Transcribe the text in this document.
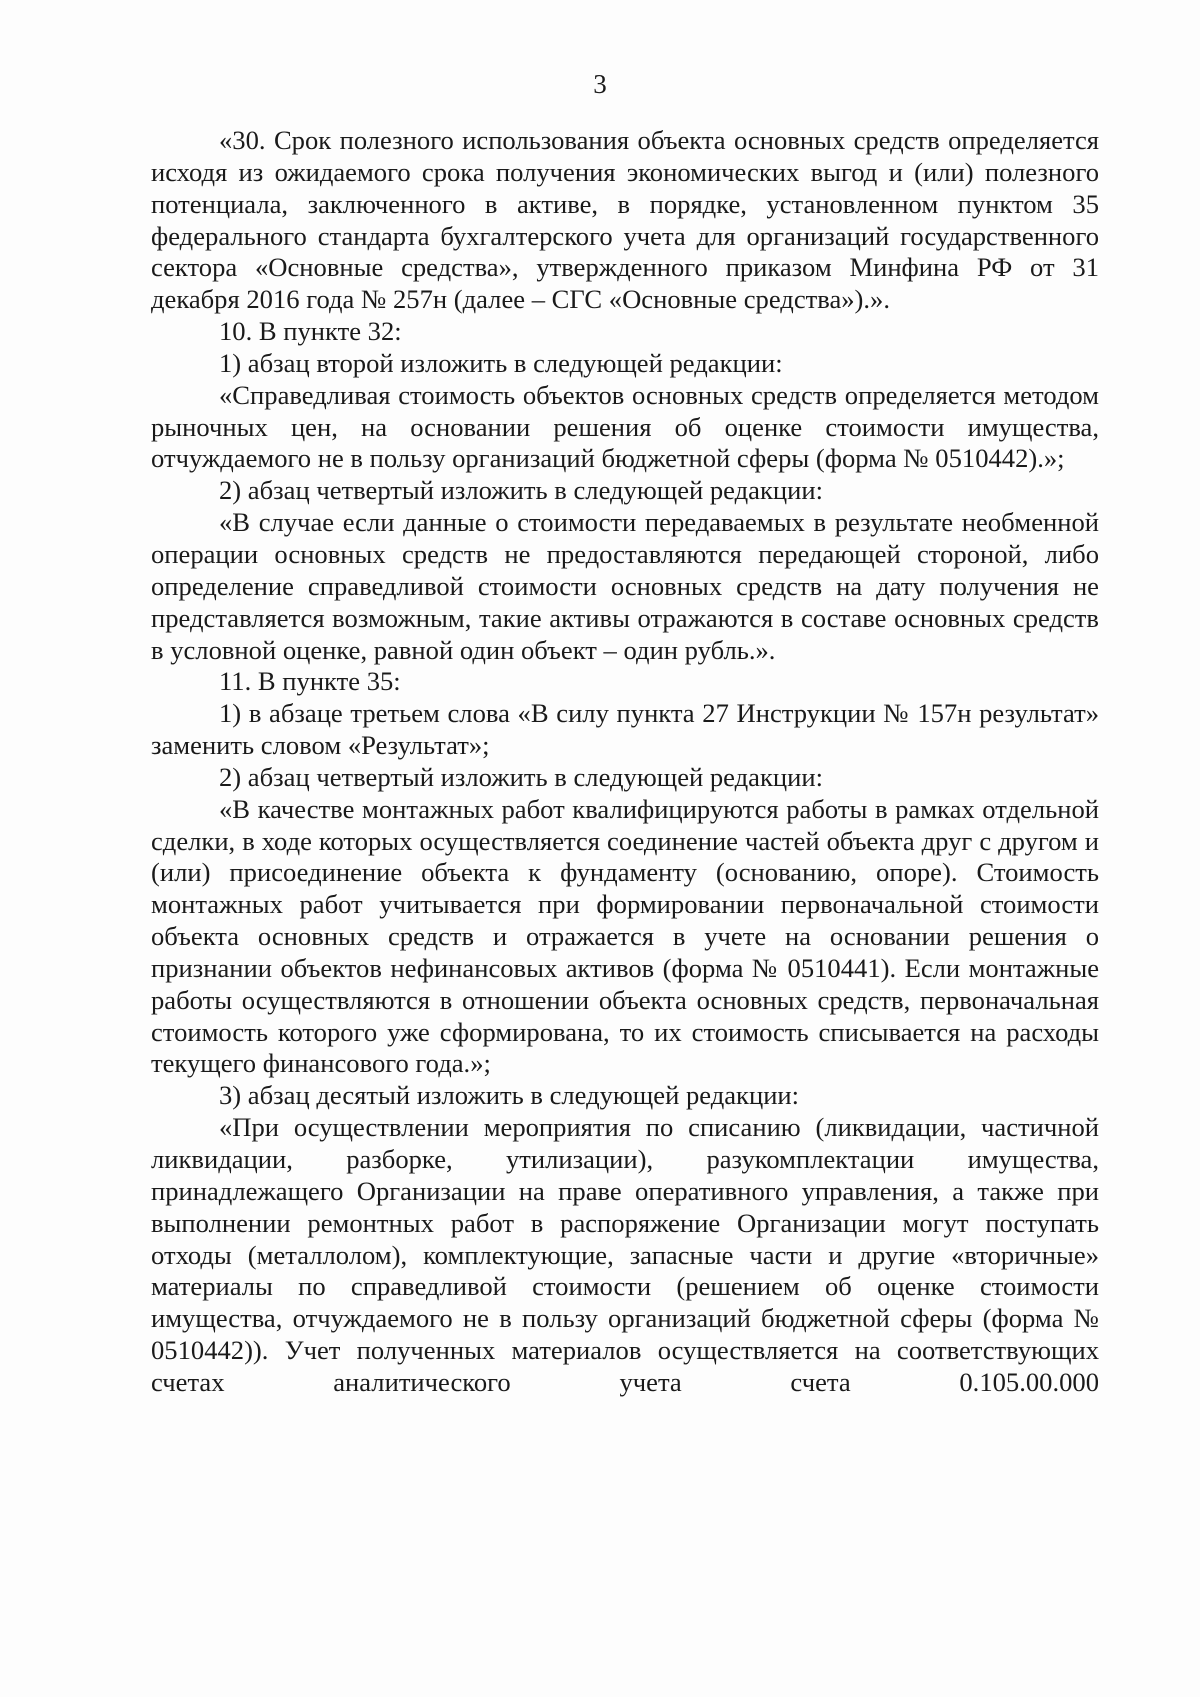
3

«30. Срок полезного использования объекта основных средств определяется исходя из ожидаемого срока получения экономических выгод и (или) полезного потенциала, заключенного в активе, в порядке, установленном пунктом 35 федерального стандарта бухгалтерского учета для организаций государственного сектора «Основные средства», утвержденного приказом Минфина РФ от 31 декабря 2016 года № 257н (далее – СГС «Основные средства»).».

10. В пункте 32:

1) абзац второй изложить в следующей редакции:

«Справедливая стоимость объектов основных средств определяется методом рыночных цен, на основании решения об оценке стоимости имущества, отчуждаемого не в пользу организаций бюджетной сферы (форма № 0510442).»;

2) абзац четвертый изложить в следующей редакции:

«В случае если данные о стоимости передаваемых в результате необменной операции основных средств не предоставляются передающей стороной, либо определение справедливой стоимости основных средств на дату получения не представляется возможным, такие активы отражаются в составе основных средств в условной оценке, равной один объект – один рубль.».

11. В пункте 35:

1) в абзаце третьем слова «В силу пункта 27 Инструкции № 157н результат» заменить словом «Результат»;

2) абзац четвертый изложить в следующей редакции:

«В качестве монтажных работ квалифицируются работы в рамках отдельной сделки, в ходе которых осуществляется соединение частей объекта друг с другом и (или) присоединение объекта к фундаменту (основанию, опоре). Стоимость монтажных работ учитывается при формировании первоначальной стоимости объекта основных средств и отражается в учете на основании решения о признании объектов нефинансовых активов (форма № 0510441). Если монтажные работы осуществляются в отношении объекта основных средств, первоначальная стоимость которого уже сформирована, то их стоимость списывается на расходы текущего финансового года.»;

3) абзац десятый изложить в следующей редакции:

«При осуществлении мероприятия по списанию (ликвидации, частичной ликвидации, разборке, утилизации), разукомплектации имущества, принадлежащего Организации на праве оперативного управления, а также при выполнении ремонтных работ в распоряжение Организации могут поступать отходы (металлолом), комплектующие, запасные части и другие «вторичные» материалы по справедливой стоимости (решением об оценке стоимости имущества, отчуждаемого не в пользу организаций бюджетной сферы (форма № 0510442)). Учет полученных материалов осуществляется на соответствующих счетах аналитического учета счета 0.105.00.000
